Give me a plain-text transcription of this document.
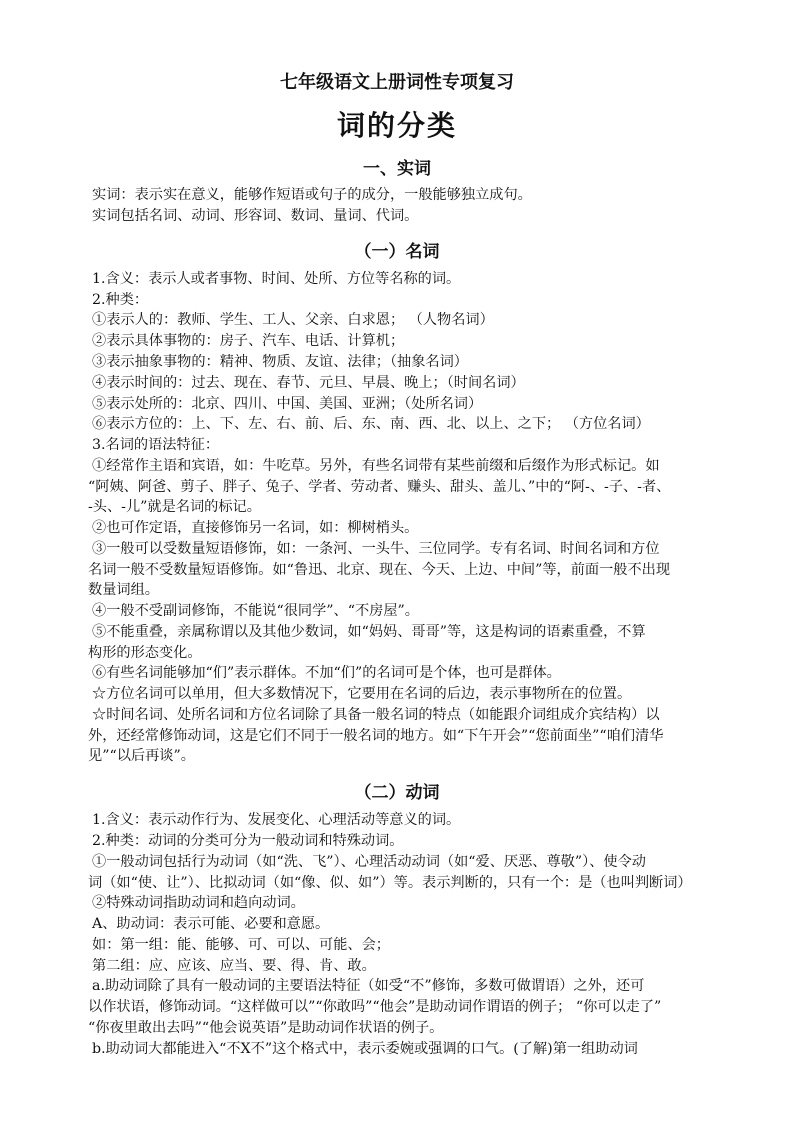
七年级语文上册词性专项复习
词的分类
一、实词
实词：表示实在意义，能够作短语或句子的成分，一般能够独立成句。
实词包括名词、动词、形容词、数词、量词、代词。
（一）名词
1.含义：表示人或者事物、时间、处所、方位等名称的词。
2.种类：
①表示人的：教师、学生、工人、父亲、白求恩； （人物名词）
②表示具体事物的：房子、汽车、电话、计算机；
③表示抽象事物的：精神、物质、友谊、法律；（抽象名词）
④表示时间的：过去、现在、春节、元旦、早晨、晚上；（时间名词）
⑤表示处所的：北京、四川、中国、美国、亚洲；（处所名词）
⑥表示方位的：上、下、左、右、前、后、东、南、西、北、以上、之下； （方位名词）
3.名词的语法特征：
①经常作主语和宾语，如：牛吃草。另外，有些名词带有某些前缀和后缀作为形式标记。如
“阿姨、阿爸、剪子、胖子、兔子、学者、劳动者、赚头、甜头、盖儿、”中的“阿-、-子、-者、
-头、-儿”就是名词的标记。
②也可作定语，直接修饰另一名词，如：柳树梢头。
③一般可以受数量短语修饰，如：一条河、一头牛、三位同学。专有名词、时间名词和方位
名词一般不受数量短语修饰。如“鲁迅、北京、现在、今天、上边、中间”等，前面一般不出现
数量词组。
④一般不受副词修饰，不能说“很同学”、“不房屋”。
⑤不能重叠，亲属称谓以及其他少数词，如“妈妈、哥哥”等，这是构词的语素重叠，不算
构形的形态变化。
⑥有些名词能够加“们”表示群体。不加“们”的名词可是个体，也可是群体。
☆方位名词可以单用，但大多数情况下，它要用在名词的后边，表示事物所在的位置。
☆时间名词、处所名词和方位名词除了具备一般名词的特点（如能跟介词组成介宾结构）以
外，还经常修饰动词，这是它们不同于一般名词的地方。如“下午开会”“您前面坐”“咱们清华
见”“以后再谈”。
（二）动词
1.含义：表示动作行为、发展变化、心理活动等意义的词。
2.种类：动词的分类可分为一般动词和特殊动词。
①一般动词包括行为动词（如“洗、飞”）、心理活动动词（如“爱、厌恶、尊敬”）、使令动
词（如“使、让”）、比拟动词（如“像、似、如”）等。表示判断的，只有一个：是（也叫判断词）
②特殊动词指助动词和趋向动词。
A、助动词：表示可能、必要和意愿。
如：第一组：能、能够、可、可以、可能、会；
第二组：应、应该、应当、要、得、肯、敢。
a.助动词除了具有一般动词的主要语法特征（如受“不”修饰，多数可做谓语）之外，还可
以作状语，修饰动词。“这样做可以”“你敢吗”“他会”是助动词作谓语的例子； “你可以走了”
“你夜里敢出去吗”“他会说英语”是助动词作状语的例子。
b.助动词大都能进入“不X不”这个格式中，表示委婉或强调的口气。(了解)第一组助动词
